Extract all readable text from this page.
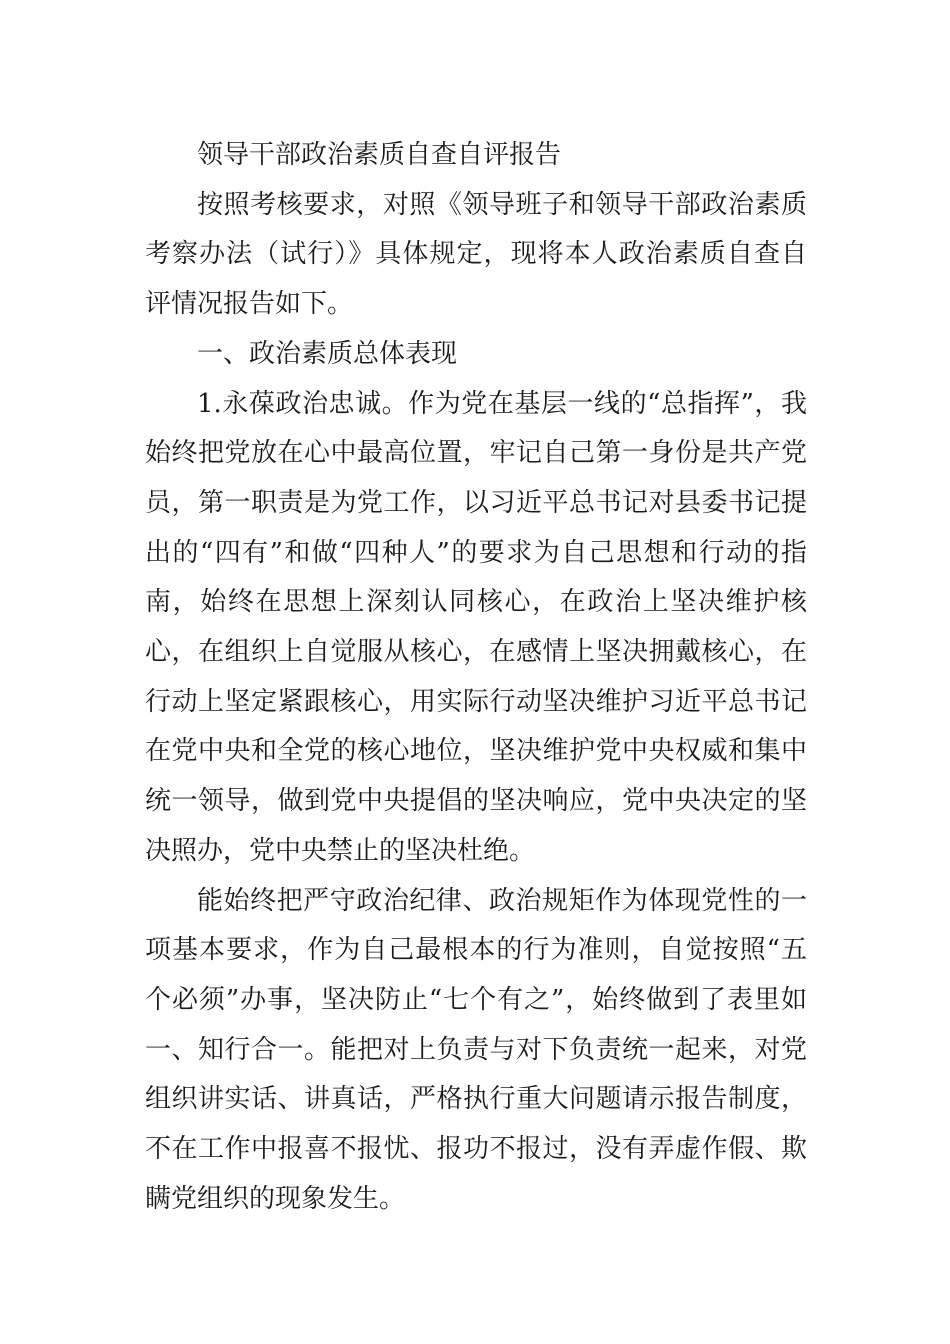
领导干部政治素质自查自评报告

按照考核要求，对照《领导班子和领导干部政治素质考察办法（试行）》具体规定，现将本人政治素质自查自评情况报告如下。

一、政治素质总体表现

1.永葆政治忠诚。作为党在基层一线的“总指挥”，我始终把党放在心中最高位置，牢记自己第一身份是共产党员，第一职责是为党工作，以习近平总书记对县委书记提出的“四有”和做“四种人”的要求为自己思想和行动的指南，始终在思想上深刻认同核心，在政治上坚决维护核心，在组织上自觉服从核心，在感情上坚决拥戴核心，在行动上坚定紧跟核心，用实际行动坚决维护习近平总书记在党中央和全党的核心地位，坚决维护党中央权威和集中统一领导，做到党中央提倡的坚决响应，党中央决定的坚决照办，党中央禁止的坚决杜绝。

能始终把严守政治纪律、政治规矩作为体现党性的一项基本要求，作为自己最根本的行为准则，自觉按照“五个必须”办事，坚决防止“七个有之”，始终做到了表里如一、知行合一。能把对上负责与对下负责统一起来，对党组织讲实话、讲真话，严格执行重大问题请示报告制度，不在工作中报喜不报忧、报功不报过，没有弄虚作假、欺瞒党组织的现象发生。
